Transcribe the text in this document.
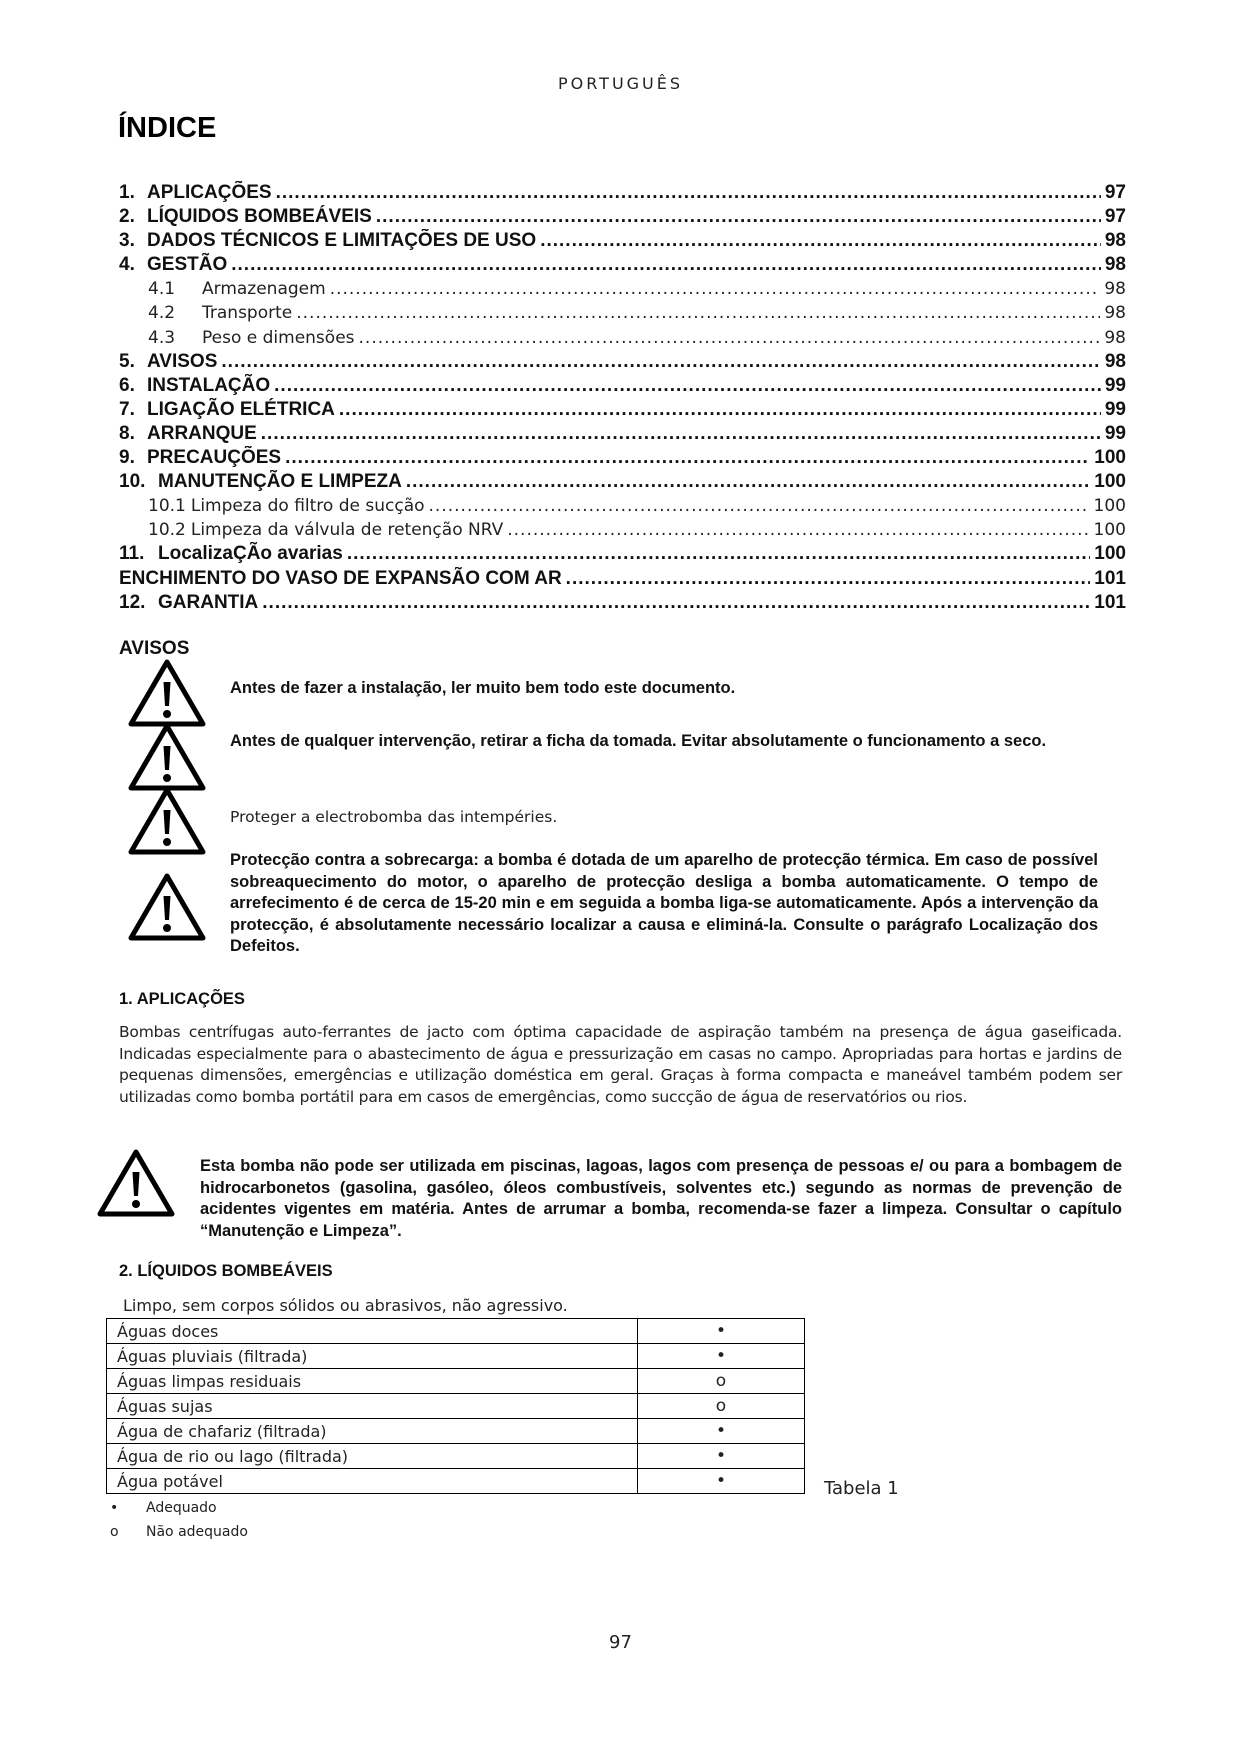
PORTUGUÊS
ÍNDICE
1. APLICAÇÕES .....	97
2. LÍQUIDOS BOMBEÁVEIS .....	97
3. DADOS TÉCNICOS E LIMITAÇÕES DE USO .....	98
4. GESTÃO .....	98
4.1	Armazenagem .....	98
4.2	Transporte .....	98
4.3	Peso e dimensões .....	98
5. AVISOS .....	98
6. INSTALAÇÃO .....	99
7. LIGAÇÃO ELÉTRICA .....	99
8. ARRANQUE .....	99
9. PRECAUÇÕES .....	100
10. MANUTENÇÃO E LIMPEZA .....	100
10.1 Limpeza do filtro de sucção .....	100
10.2 Limpeza da válvula de retenção NRV .....	100
11. LocalizaÇÃo avarias .....	100
ENCHIMENTO DO VASO DE EXPANSÃO COM AR .....	101
12. GARANTIA .....	101
AVISOS

Antes de fazer a instalação, ler muito bem todo este documento.

Antes de qualquer intervenção, retirar a ficha da tomada. Evitar absolutamente o funcionamento a seco.

Proteger a electrobomba das intempéries.

Protecção contra a sobrecarga: a bomba é dotada de um aparelho de protecção térmica. Em caso de possível sobreaquecimento do motor, o aparelho de protecção desliga a bomba automaticamente. O tempo de arrefecimento é de cerca de 15-20 min e em seguida a bomba liga-se automaticamente. Após a intervenção da protecção, é absolutamente necessário localizar a causa e eliminá-la. Consulte o parágrafo Localização dos Defeitos.

1. APLICAÇÕES

Bombas centrífugas auto-ferrantes de jacto com óptima capacidade de aspiração também na presença de água gaseificada. Indicadas especialmente para o abastecimento de água e pressurização em casas no campo. Apropriadas para hortas e jardins de pequenas dimensões, emergências e utilização doméstica em geral. Graças à forma compacta e maneável também podem ser utilizadas como bomba portátil para em casos de emergências, como succção de água de reservatórios ou rios.

Esta bomba não pode ser utilizada em piscinas, lagoas, lagos com presença de pessoas e/ ou para a bombagem de hidrocarbonetos (gasolina, gasóleo, óleos combustíveis, solventes etc.) segundo as normas de prevenção de acidentes vigentes em matéria. Antes de arrumar a bomba, recomenda-se fazer a limpeza. Consultar o capítulo “Manutenção e Limpeza”.

2. LÍQUIDOS BOMBEÁVEIS

Limpo, sem corpos sólidos ou abrasivos, não agressivo.

Águas doces	•
Águas pluviais (filtrada)	•
Águas limpas residuais	o
Águas sujas	o
Água de chafariz (filtrada)	•
Água de rio ou lago (filtrada)	•
Água potável	•	Tabela 1
•	Adequado
o	Não adequado
97
